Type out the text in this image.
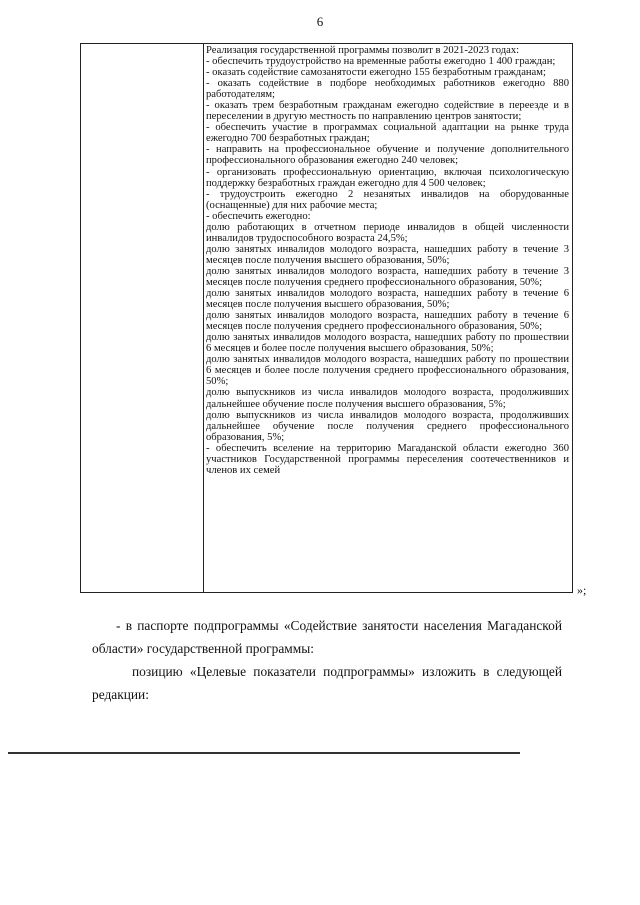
6
Реализация государственной программы позволит в 2021-2023 годах:
- обеспечить трудоустройство на временные работы ежегодно 1 400 граждан;
- оказать содействие самозанятости ежегодно 155 безработным гражданам;
- оказать содействие в подборе необходимых работников ежегодно 880 работодателям;
- оказать трем безработным гражданам ежегодно содействие в переезде и в переселении в другую местность по направлению центров занятости;
- обеспечить участие в программах социальной адаптации на рынке труда ежегодно 700 безработных граждан;
- направить на профессиональное обучение и получение дополнительного профессионального образования ежегодно 240 человек;
- организовать профессиональную ориентацию, включая психологическую поддержку безработных граждан ежегодно для 4 500 человек;
- трудоустроить ежегодно 2 незанятых инвалидов на оборудованные (оснащенные) для них рабочие места;
- обеспечить ежегодно:
долю работающих в отчетном периоде инвалидов в общей численности инвалидов трудоспособного возраста 24,5%;
долю занятых инвалидов молодого возраста, нашедших работу в течение 3 месяцев после получения высшего образования, 50%;
долю занятых инвалидов молодого возраста, нашедших работу в течение 3 месяцев после получения среднего профессионального образования, 50%;
долю занятых инвалидов молодого возраста, нашедших работу в течение 6 месяцев после получения высшего образования, 50%;
долю занятых инвалидов молодого возраста, нашедших работу в течение 6 месяцев после получения среднего профессионального образования, 50%;
долю занятых инвалидов молодого возраста, нашедших работу по прошествии 6 месяцев и более после получения высшего образования, 50%;
долю занятых инвалидов молодого возраста, нашедших работу по прошествии 6 месяцев и более после получения среднего профессионального образования, 50%;
долю выпускников из числа инвалидов молодого возраста, продолживших дальнейшее обучение после получения высшего образования, 5%;
долю выпускников из числа инвалидов молодого возраста, продолживших дальнейшее обучение после получения среднего профессионального образования, 5%;
- обеспечить вселение на территорию Магаданской области ежегодно 360 участников Государственной программы переселения соотечественников и членов их семей
»;

- в паспорте подпрограммы «Содействие занятости населения Магаданской области» государственной программы:

позицию «Целевые показатели подпрограммы» изложить в следующей редакции:
